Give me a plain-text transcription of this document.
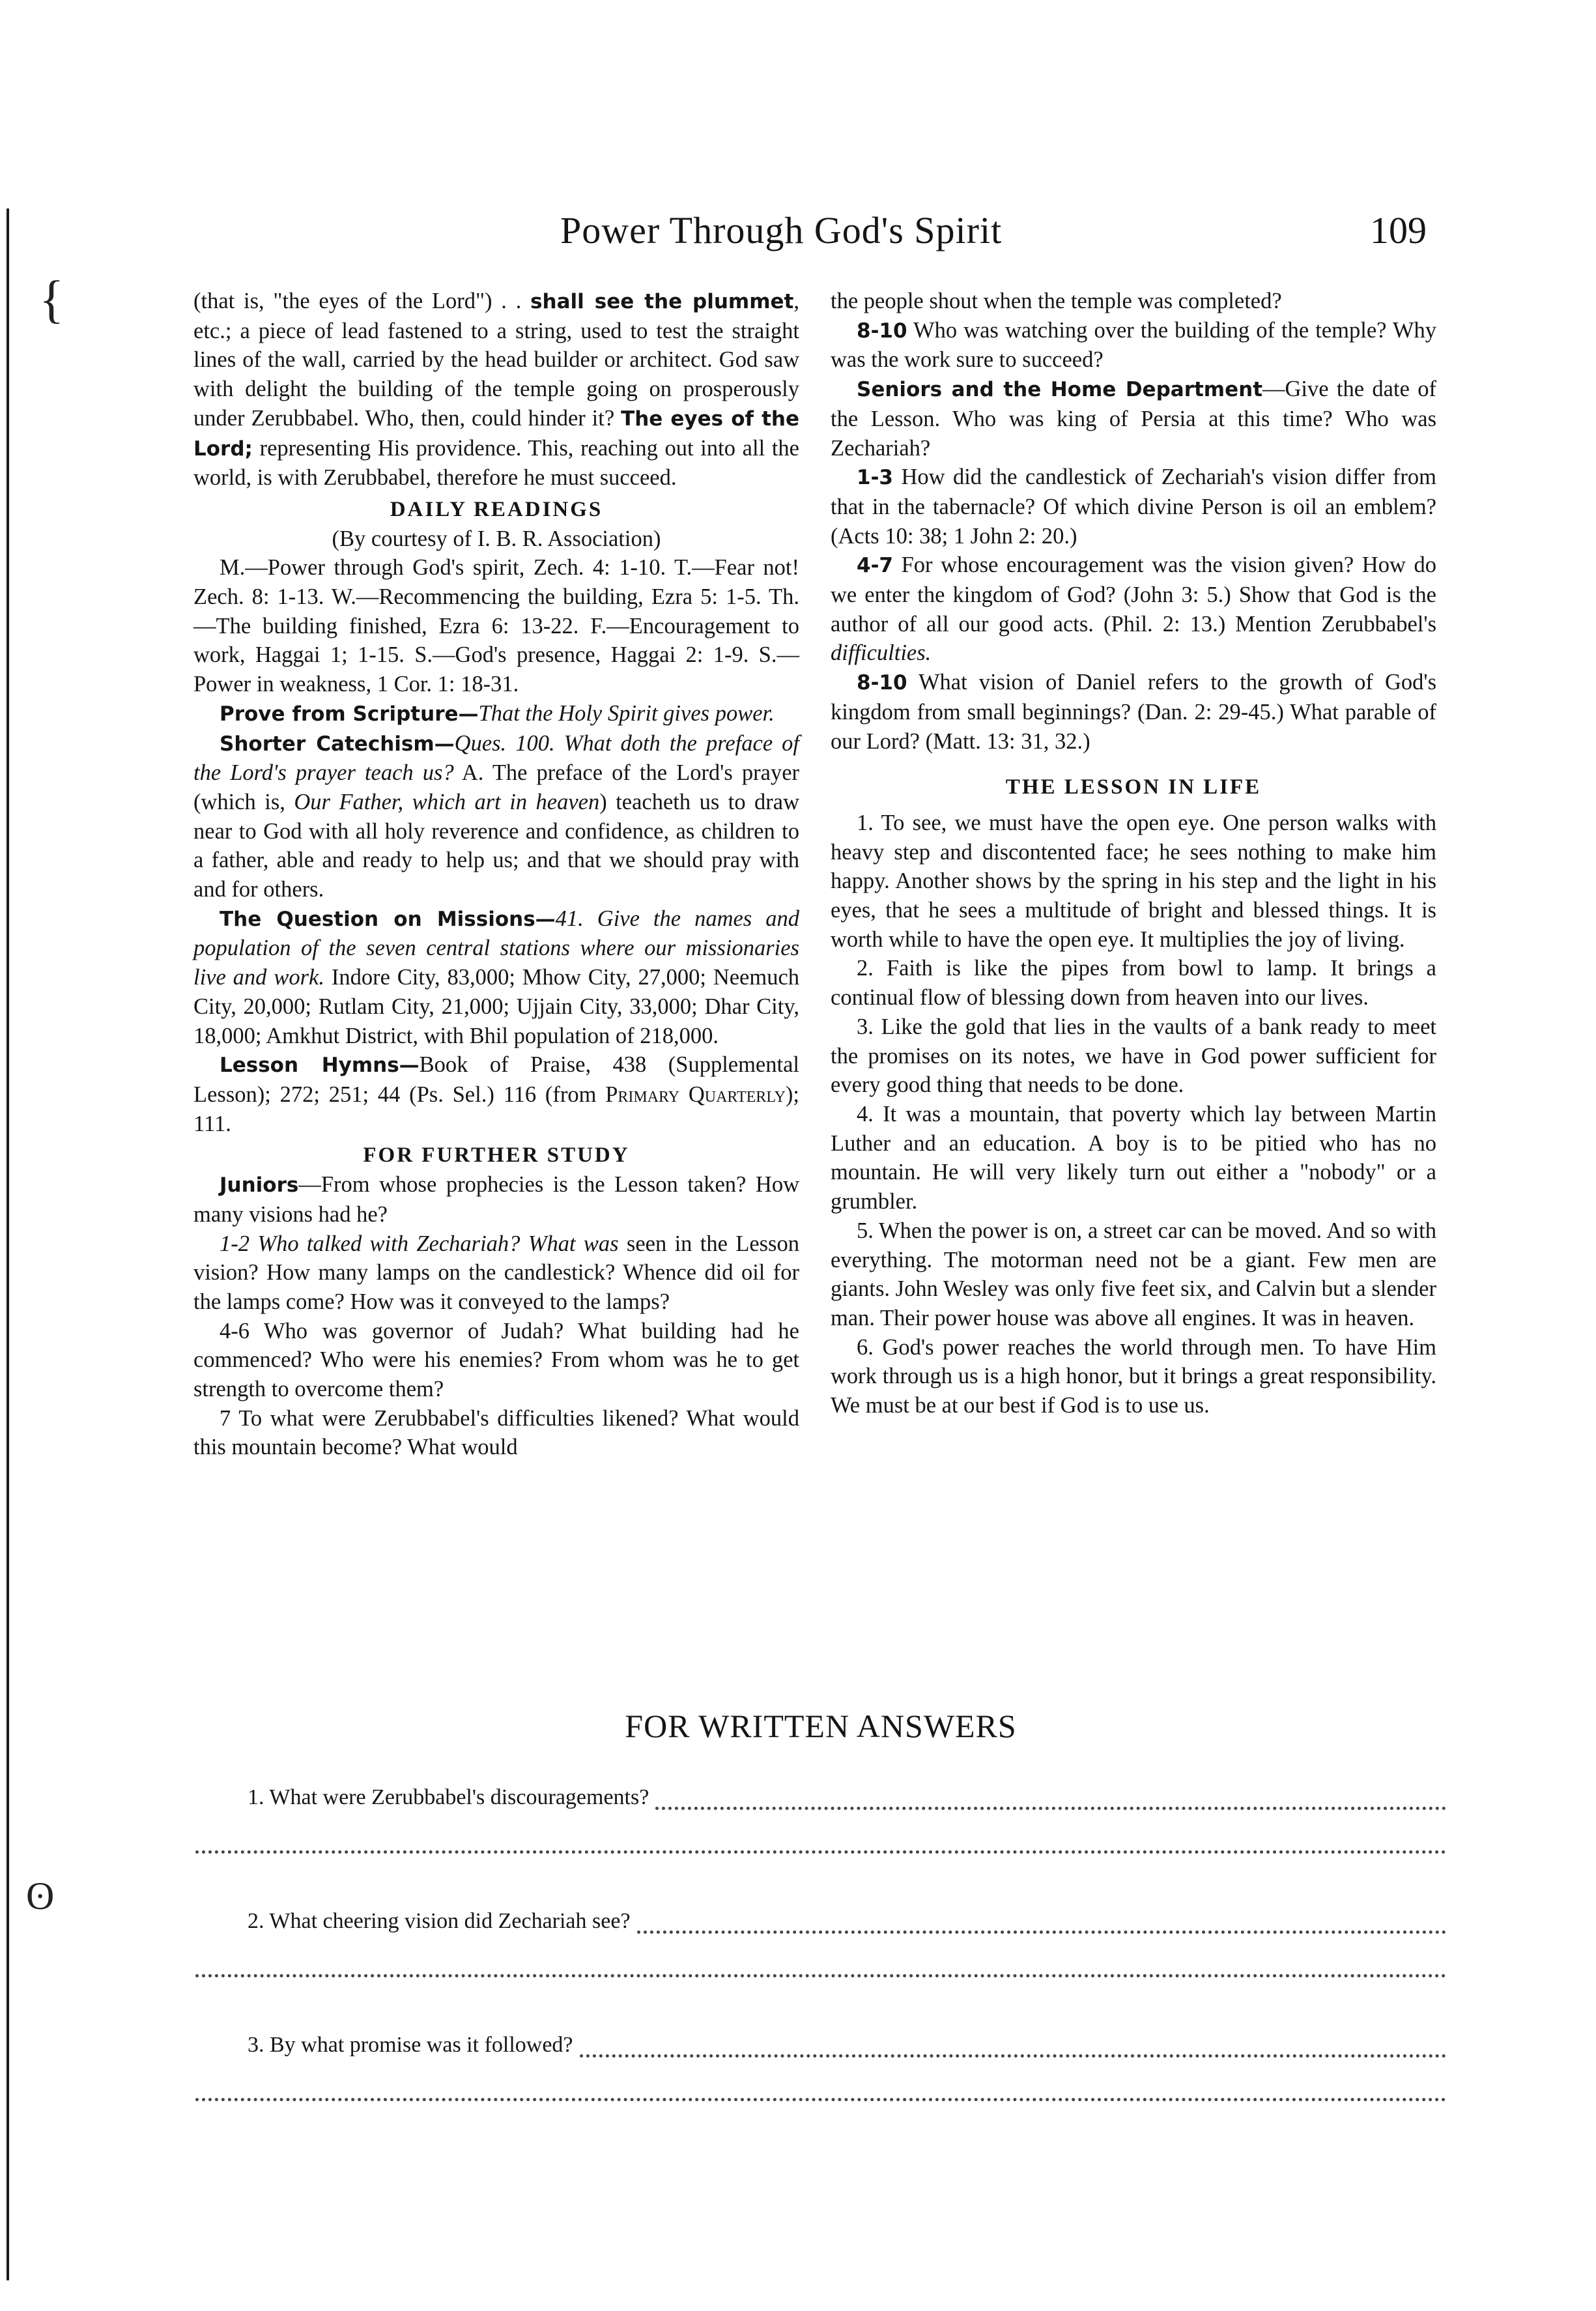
{
ʘ
Power Through God's Spirit	109

(that is, "the eyes of the Lord") . . shall see the plummet, etc.; a piece of lead fastened to a string, used to test the straight lines of the wall, carried by the head builder or architect. God saw with delight the building of the temple going on prosperously under Zerubbabel. Who, then, could hinder it? The eyes of the Lord; representing His providence. This, reaching out into all the world, is with Zerubbabel, therefore he must succeed.

DAILY READINGS

(By courtesy of I. B. R. Association)

M.—Power through God's spirit, Zech. 4: 1-10. T.—Fear not! Zech. 8: 1-13. W.—Recommencing the building, Ezra 5: 1-5. Th.—The building finished, Ezra 6: 13-22. F.—Encouragement to work, Haggai 1; 1-15. S.—God's presence, Haggai 2: 1-9. S.—Power in weakness, 1 Cor. 1: 18-31.

Prove from Scripture—That the Holy Spirit gives power.

Shorter Catechism—Ques. 100. What doth the preface of the Lord's prayer teach us? A. The preface of the Lord's prayer (which is, Our Father, which art in heaven) teacheth us to draw near to God with all holy reverence and confidence, as children to a father, able and ready to help us; and that we should pray with and for others.

The Question on Missions—41. Give the names and population of the seven central stations where our missionaries live and work. Indore City, 83,000; Mhow City, 27,000; Neemuch City, 20,000; Rutlam City, 21,000; Ujjain City, 33,000; Dhar City, 18,000; Amkhut District, with Bhil population of 218,000.

Lesson Hymns—Book of Praise, 438 (Supplemental Lesson); 272; 251; 44 (Ps. Sel.) 116 (from Primary Quarterly); 111.

FOR FURTHER STUDY

Juniors—From whose prophecies is the Lesson taken? How many visions had he?

1-2 Who talked with Zechariah? What was seen in the Lesson vision? How many lamps on the candlestick? Whence did oil for the lamps come? How was it conveyed to the lamps?

4-6 Who was governor of Judah? What building had he commenced? Who were his enemies? From whom was he to get strength to overcome them?

7 To what were Zerubbabel's difficulties likened? What would this mountain become? What would

the people shout when the temple was completed?

8-10 Who was watching over the building of the temple? Why was the work sure to succeed?

Seniors and the Home Department—Give the date of the Lesson. Who was king of Persia at this time? Who was Zechariah?

1-3 How did the candlestick of Zechariah's vision differ from that in the tabernacle? Of which divine Person is oil an emblem? (Acts 10: 38; 1 John 2: 20.)

4-7 For whose encouragement was the vision given? How do we enter the kingdom of God? (John 3: 5.) Show that God is the author of all our good acts. (Phil. 2: 13.) Mention Zerubbabel's difficulties.

8-10 What vision of Daniel refers to the growth of God's kingdom from small beginnings? (Dan. 2: 29-45.) What parable of our Lord? (Matt. 13: 31, 32.)

THE LESSON IN LIFE

1. To see, we must have the open eye. One person walks with heavy step and discontented face; he sees nothing to make him happy. Another shows by the spring in his step and the light in his eyes, that he sees a multitude of bright and blessed things. It is worth while to have the open eye. It multiplies the joy of living.

2. Faith is like the pipes from bowl to lamp. It brings a continual flow of blessing down from heaven into our lives.

3. Like the gold that lies in the vaults of a bank ready to meet the promises on its notes, we have in God power sufficient for every good thing that needs to be done.

4. It was a mountain, that poverty which lay between Martin Luther and an education. A boy is to be pitied who has no mountain. He will very likely turn out either a "nobody" or a grumbler.

5. When the power is on, a street car can be moved. And so with everything. The motorman need not be a giant. Few men are giants. John Wesley was only five feet six, and Calvin but a slender man. Their power house was above all engines. It was in heaven.

6. God's power reaches the world through men. To have Him work through us is a high honor, but it brings a great responsibility. We must be at our best if God is to use us.

FOR WRITTEN ANSWERS
1. What were Zerubbabel's discouragements?
2. What cheering vision did Zechariah see?
3. By what promise was it followed?
